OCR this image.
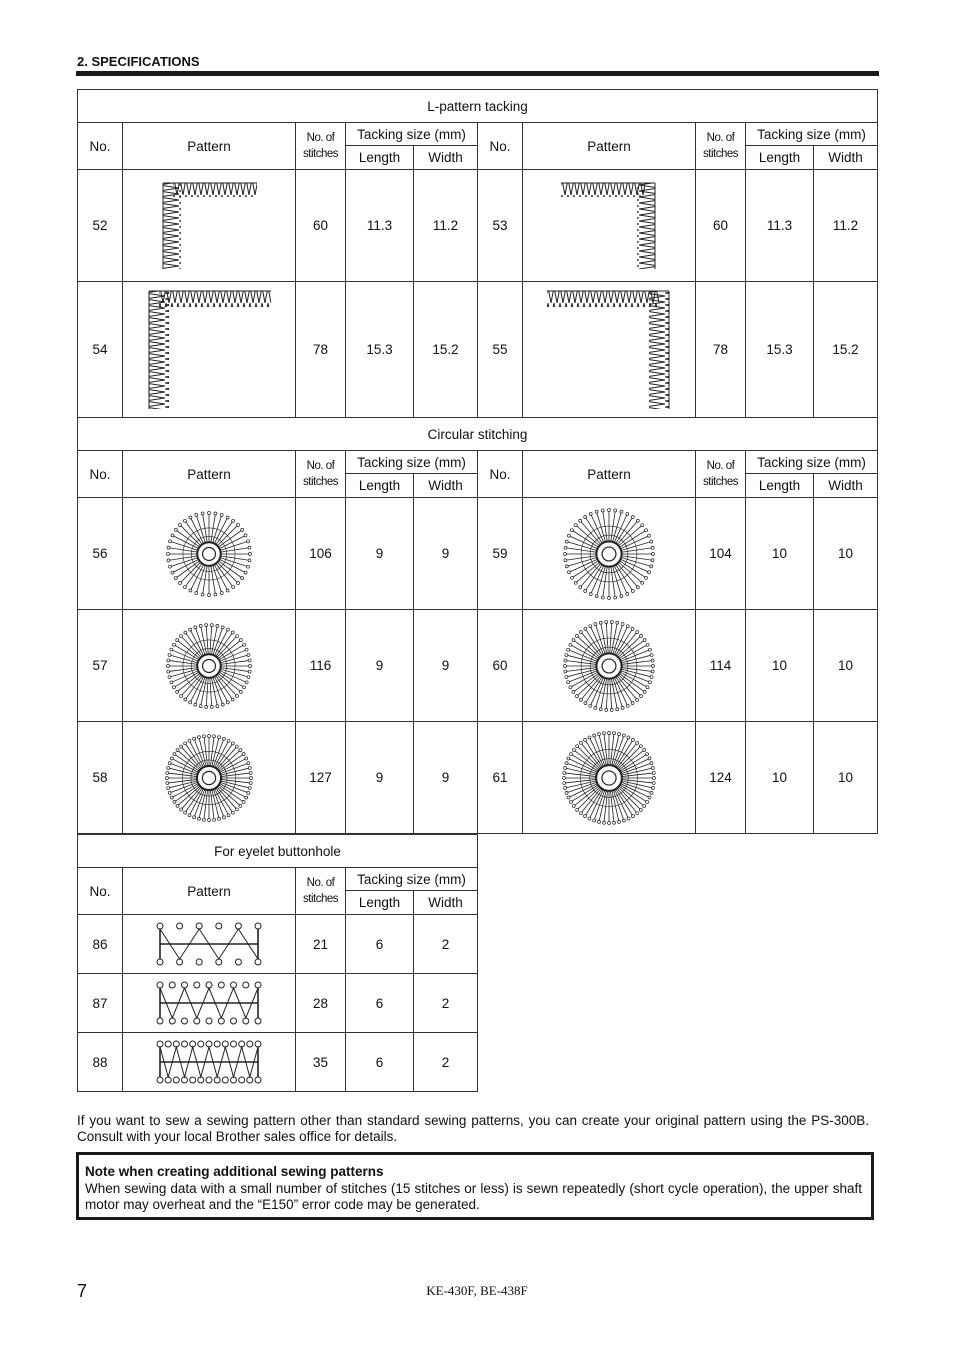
2. SPECIFICATIONS
L-pattern tacking									
No.	Pattern	No. of stitches	Tacking size (mm)		No.	Pattern	No. of stitches	Tacking size (mm)	
			Length	Width				Length	Width
52		60	11.3	11.2	53		60	11.3	11.2
54		78	15.3	15.2	55		78	15.3	15.2
Circular stitching									
No.	Pattern	No. of stitches	Tacking size (mm)		No.	Pattern	No. of stitches	Tacking size (mm)	
			Length	Width				Length	Width
56		106	9	9	59		104	10	10
57		116	9	9	60		114	10	10
58		127	9	9	61		124	10	10
For eyelet buttonhole				
No.	Pattern	No. of stitches	Tacking size (mm)	
			Length	Width
86		21	6	2
87		28	6	2
88		35	6	2
If you want to sew a sewing pattern other than standard sewing patterns, you can create your original pattern using the PS-300B. Consult with your local Brother sales office for details.
Note when creating additional sewing patterns
When sewing data with a small number of stitches (15 stitches or less) is sewn repeatedly (short cycle operation), the upper shaft motor may overheat and the “E150” error code may be generated.
7	KE-430F, BE-438F
